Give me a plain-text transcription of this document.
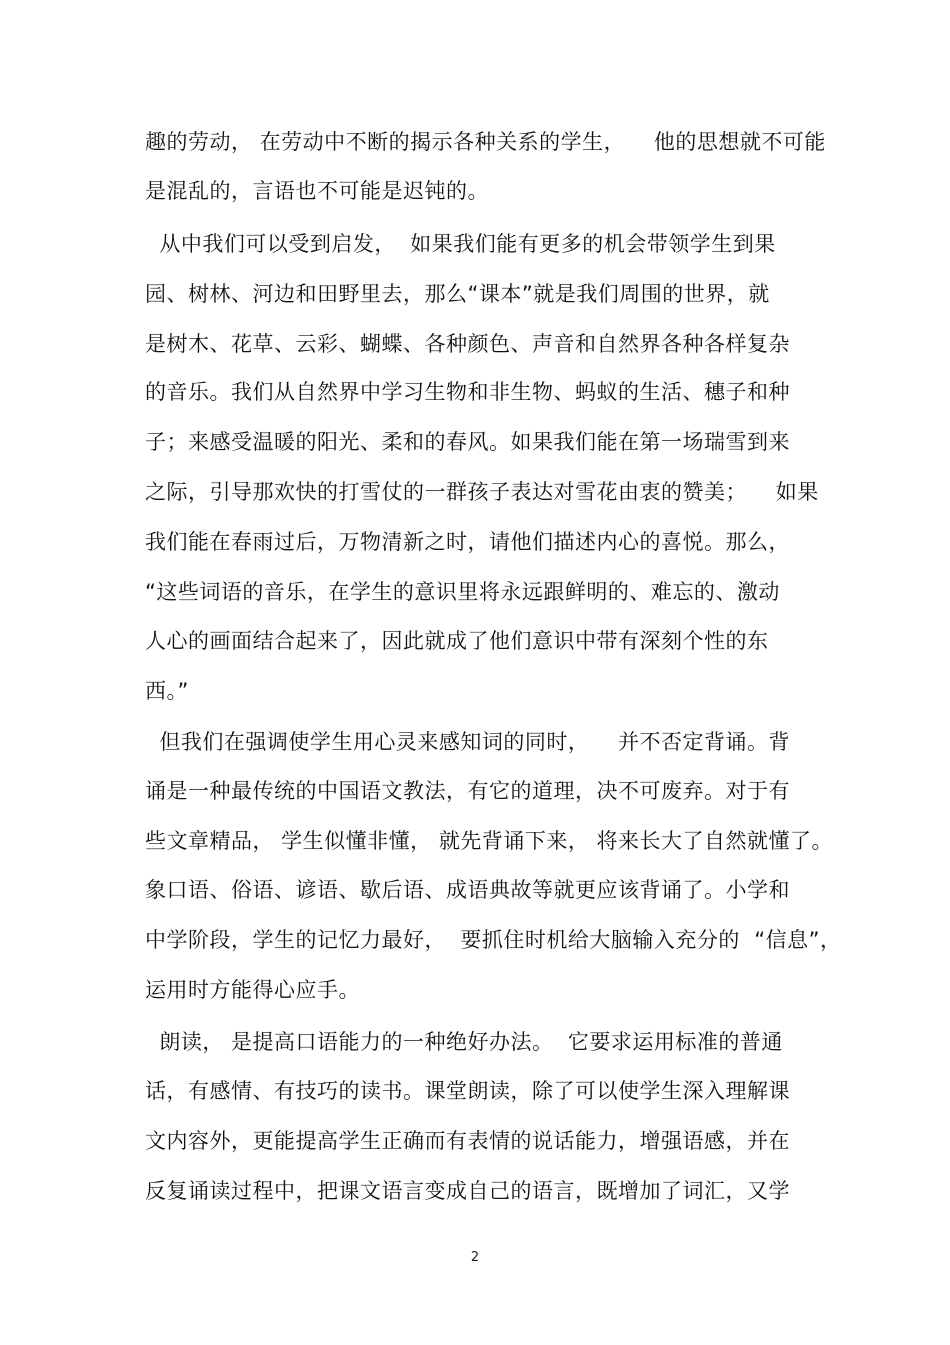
趣的劳动， 在劳动中不断的揭示各种关系的学生，    他的思想就不可能
是混乱的，言语也不可能是迟钝的。
从中我们可以受到启发，  如果我们能有更多的机会带领学生到果
园、树林、河边和田野里去，那么“课本”就是我们周围的世界，就
是树木、花草、云彩、蝴蝶、各种颜色、声音和自然界各种各样复杂
的音乐。我们从自然界中学习生物和非生物、蚂蚁的生活、穗子和种
子；来感受温暖的阳光、柔和的春风。如果我们能在第一场瑞雪到来
之际，引导那欢快的打雪仗的一群孩子表达对雪花由衷的赞美；    如果
我们能在春雨过后，万物清新之时，请他们描述内心的喜悦。那么，
“这些词语的音乐，在学生的意识里将永远跟鲜明的、难忘的、激动
人心的画面结合起来了，因此就成了他们意识中带有深刻个性的东
西。”
但我们在强调使学生用心灵来感知词的同时，    并不否定背诵。背
诵是一种最传统的中国语文教法，有它的道理，决不可废弃。对于有
些文章精品， 学生似懂非懂， 就先背诵下来， 将来长大了自然就懂了。
象口语、俗语、谚语、歇后语、成语典故等就更应该背诵了。小学和
中学阶段，学生的记忆力最好，  要抓住时机给大脑输入充分的  “信息”，
运用时方能得心应手。
朗读， 是提高口语能力的一种绝好办法。  它要求运用标准的普通
话，有感情、有技巧的读书。课堂朗读，除了可以使学生深入理解课
文内容外，更能提高学生正确而有表情的说话能力，增强语感，并在
反复诵读过程中，把课文语言变成自己的语言，既增加了词汇，又学
2
